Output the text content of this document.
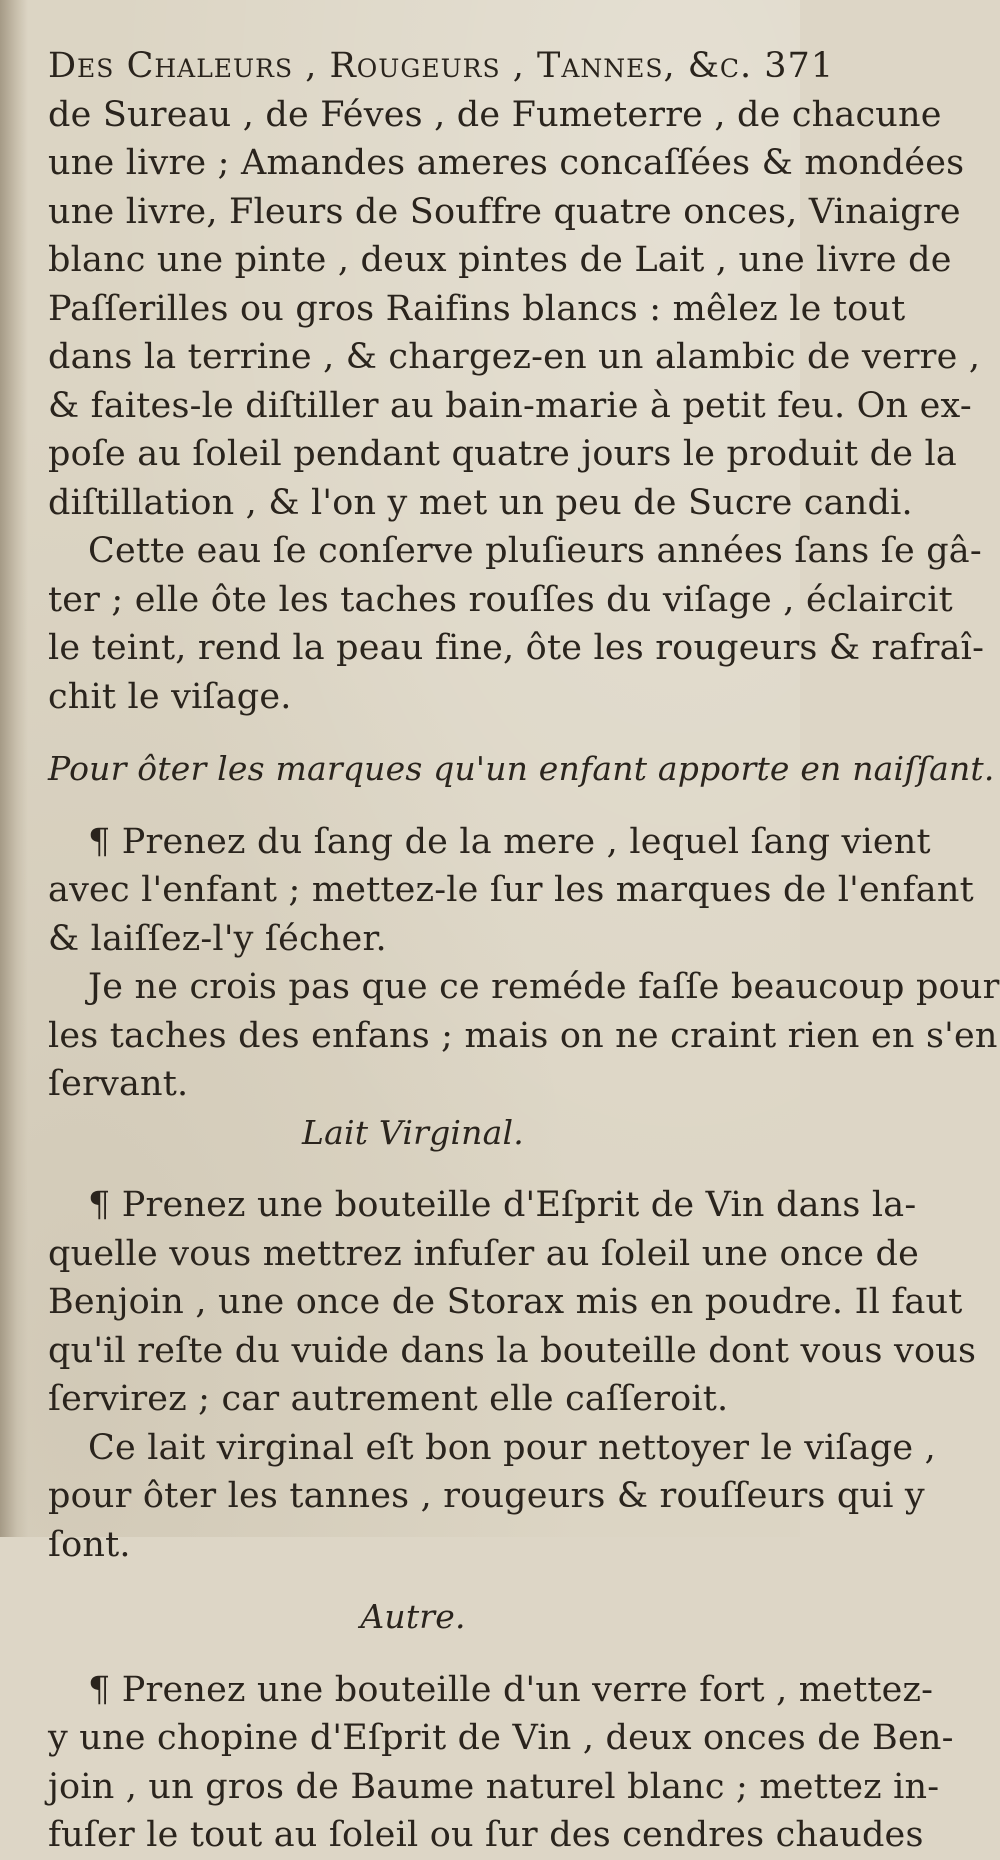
Des Chaleurs , Rougeurs , Tannes, &c. 371
de Sureau , de Féves , de Fumeterre , de chacune
une livre ; Amandes ameres concaſſées & mondées
une livre, Fleurs de Souffre quatre onces, Vinaigre
blanc une pinte , deux pintes de Lait , une livre de
Paſſerilles ou gros Raifins blancs : mêlez le tout
dans la terrine , & chargez-en un alambic de verre ,
& faites-le diſtiller au bain-marie à petit feu. On ex-
poſe au ſoleil pendant quatre jours le produit de la
diſtillation , & l'on y met un peu de Sucre candi.
Cette eau ſe conſerve pluſieurs années ſans ſe gâ-
ter ; elle ôte les taches rouſſes du viſage , éclaircit
le teint, rend la peau fine, ôte les rougeurs & rafraî-
chit le viſage.
Pour ôter les marques qu'un enfant apporte en naiſſant.
¶ Prenez du ſang de la mere , lequel ſang vient
avec l'enfant ; mettez-le ſur les marques de l'enfant
& laiſſez-l'y ſécher.
Je ne crois pas que ce reméde faſſe beaucoup pour
les taches des enfans ; mais on ne craint rien en s'en
ſervant.
Lait Virginal.
¶ Prenez une bouteille d'Eſprit de Vin dans la-
quelle vous mettrez infuſer au ſoleil une once de
Benjoin , une once de Storax mis en poudre. Il faut
qu'il reſte du vuide dans la bouteille dont vous vous
ſervirez ; car autrement elle caſſeroit.
Ce lait virginal eſt bon pour nettoyer le viſage ,
pour ôter les tannes , rougeurs & rouſſeurs qui y
ſont.
Autre.
¶ Prenez une bouteille d'un verre fort , mettez-
y une chopine d'Eſprit de Vin , deux onces de Ben-
join , un gros de Baume naturel blanc ; mettez in-
fuſer le tout au ſoleil ou ſur des cendres chaudes
